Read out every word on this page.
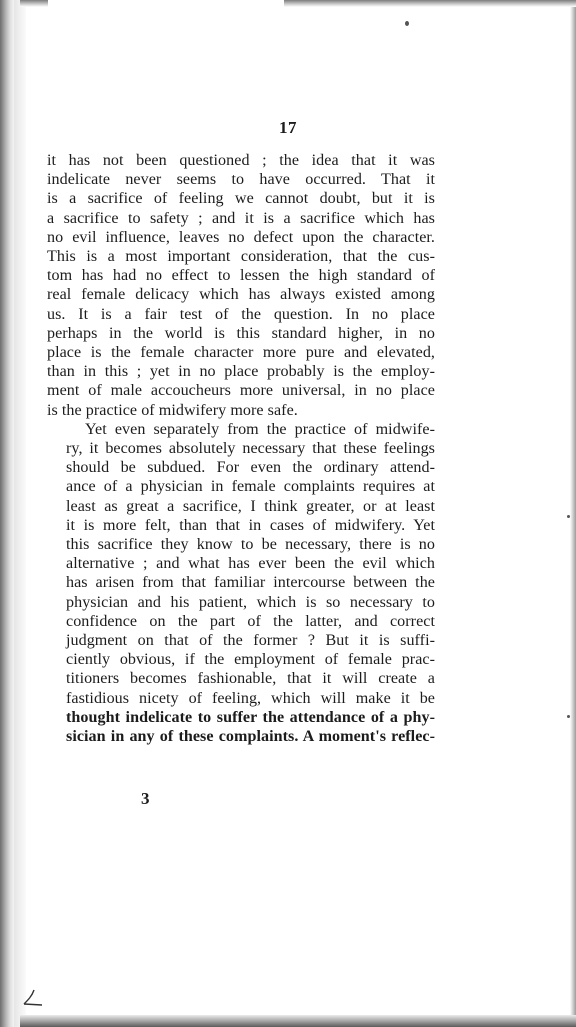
17
it has not been questioned ; the idea that it was
indelicate never seems to have occurred. That it
is a sacrifice of feeling we cannot doubt, but it is
a sacrifice to safety ; and it is a sacrifice which has
no evil influence, leaves no defect upon the character.
This is a most important consideration, that the cus-
tom has had no effect to lessen the high standard of
real female delicacy which has always existed among
us. It is a fair test of the question. In no place
perhaps in the world is this standard higher, in no
place is the female character more pure and elevated,
than in this ; yet in no place probably is the employ-
ment of male accoucheurs more universal, in no place
is the practice of midwifery more safe.
Yet even separately from the practice of midwife-
ry, it becomes absolutely necessary that these feelings
should be subdued. For even the ordinary attend-
ance of a physician in female complaints requires at
least as great a sacrifice, I think greater, or at least
it is more felt, than that in cases of midwifery. Yet
this sacrifice they know to be necessary, there is no
alternative ; and what has ever been the evil which
has arisen from that familiar intercourse between the
physician and his patient, which is so necessary to
confidence on the part of the latter, and correct
judgment on that of the former ? But it is suffi-
ciently obvious, if the employment of female prac-
titioners becomes fashionable, that it will create a
fastidious nicety of feeling, which will make it be
thought indelicate to suffer the attendance of a phy-
sician in any of these complaints. A moment's reflec-
3
